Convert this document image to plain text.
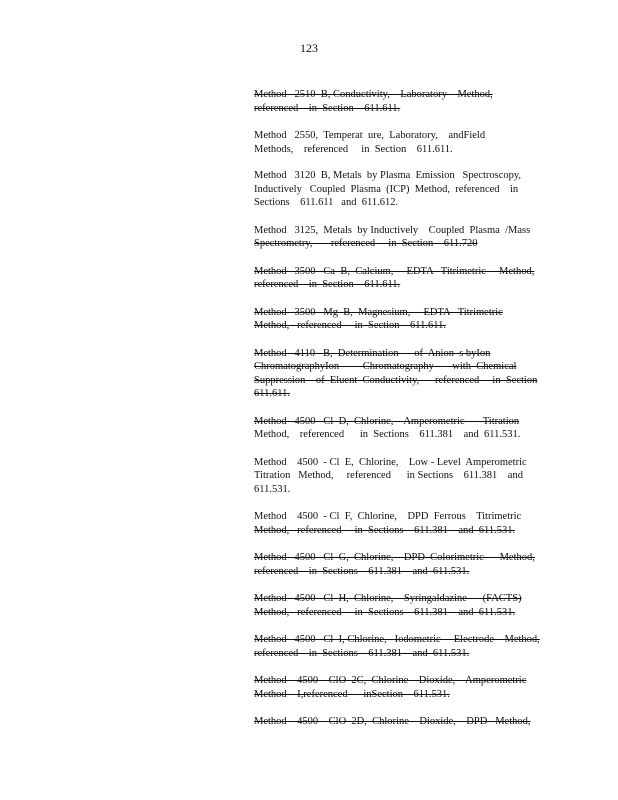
123

Method   2510  B, Conductivity,    Laboratory    Method,
referenced    in  Section    611.611.

Method   2550,  Temperat  ure,  Laboratory,    andField
Methods,    referenced     in  Section    611.611.

Method   3120  B, Metals  by Plasma  Emission   Spectroscopy,
Inductively   Coupled  Plasma  (ICP)  Method,  referenced    in
Sections    611.611   and  611.612.

Method   3125,  Metals  by Inductively    Coupled  Plasma  /Mass
Spectrometry,       referenced     in  Section    611.720

Method   3500   Ca  B,  Calcium,     EDTA   Titrimetric     Method,
referenced    in  Section    611.611.

Method   3500   Mg  B,  Magnesium,     EDTA   Titrimetric
Method,   referenced     in  Section    611.611.

Method   4110   B,  Determination      of  Anion  s byIon
ChromatographyIon         Chromatography       with  Chemical
Suppression    of  Eluent  Conductivity,      referenced     in  Section
611.611.

Method   4500   Cl  D,  Chlorine,    Amperometric       Titration
Method,    referenced      in  Sections    611.381    and  611.531.

Method    4500  - Cl  E,  Chlorine,    Low - Level  Amperometric
Titration   Method,     referenced      in Sections    611.381    and
611.531.

Method    4500  - Cl  F,  Chlorine,    DPD  Ferrous    Titrimetric
Method,   referenced     in  Sections    611.381    and  611.531.

Method   4500   Cl  G,  Chlorine,    DPD  Colorimetric      Method,
referenced    in  Sections    611.381    and  611.531.

Method   4500   Cl  H,  Chlorine,    Syringaldazine      (FACTS)
Method,   referenced     in  Sections    611.381    and  611.531.

Method   4500   Cl  I, Chlorine,   Iodometric     Electrode    Method,
referenced    in  Sections    611.381    and  611.531.

Method    4500    ClO  2C,  Chlorine    Dioxide,    Amperometric
Method    I,referenced      inSection    611.531.

Method    4500    ClO  2D,  Chlorine    Dioxide,    DPD   Method,
